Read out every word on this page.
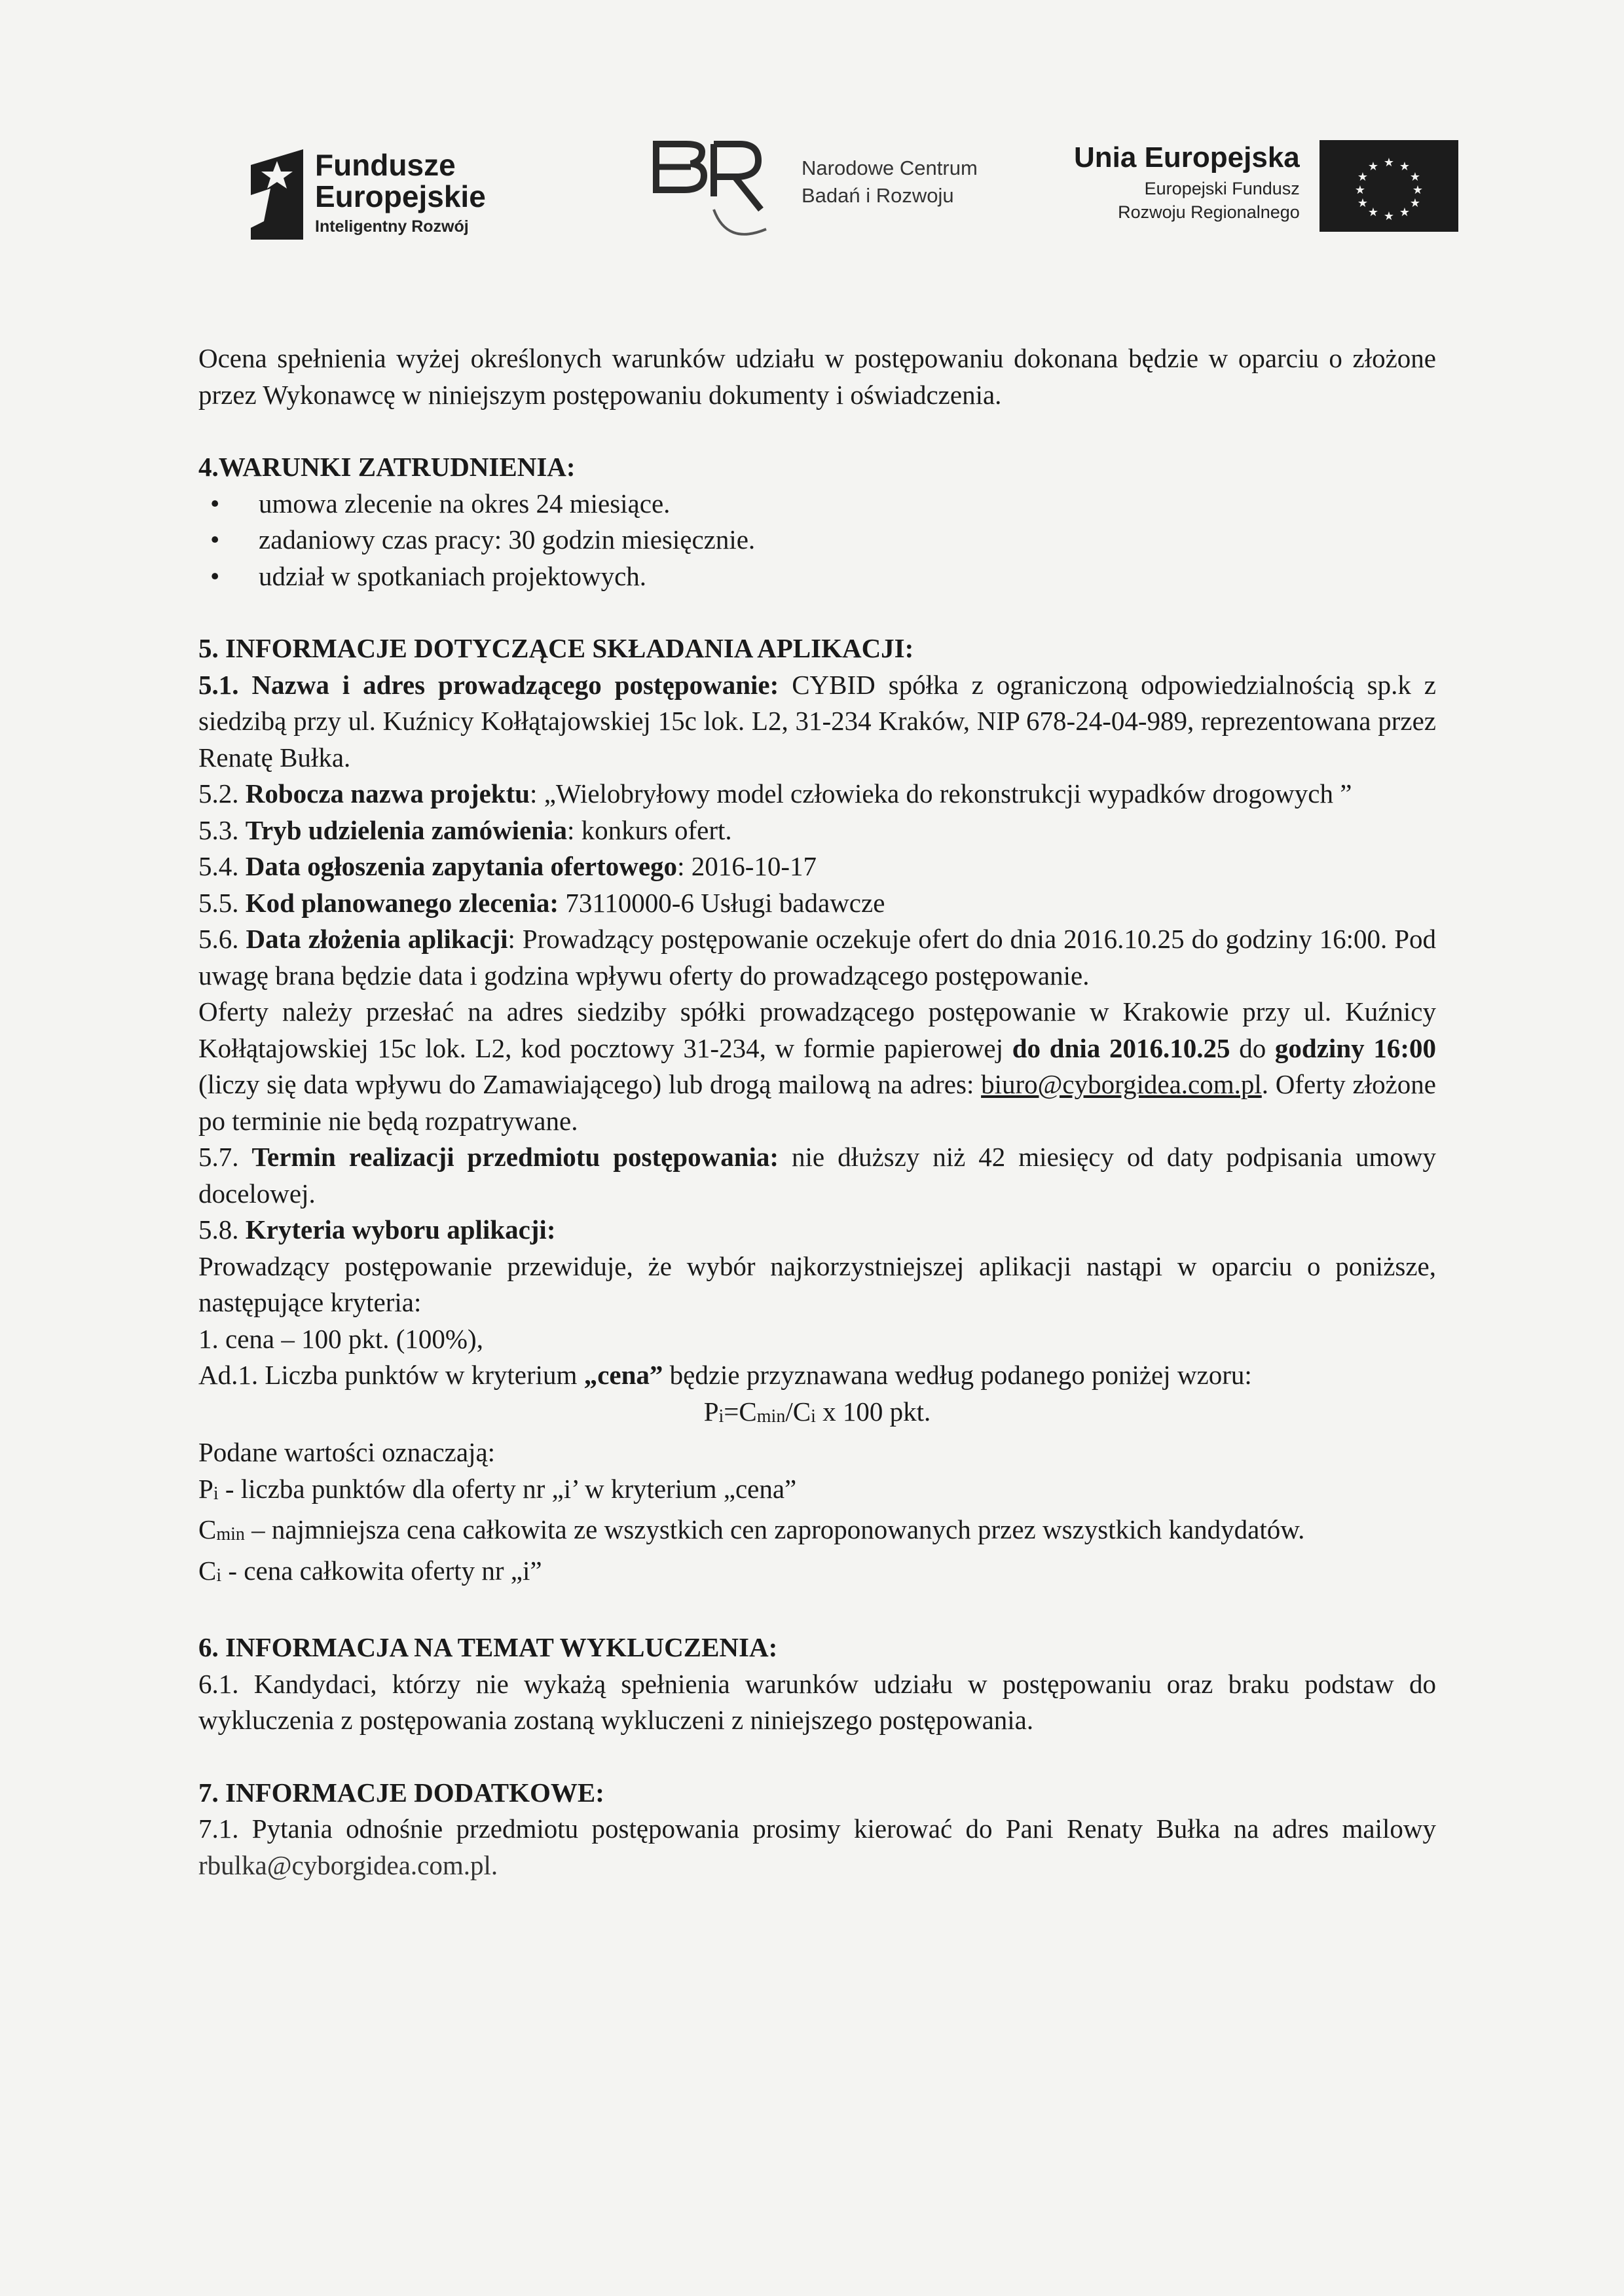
Fundusze
Europejskie
Inteligentny Rozwój
Narodowe Centrum
Badań i Rozwoju
Unia Europejska
Europejski Fundusz
Rozwoju Regionalnego
★ ★
★
★
★
★
★
★
★
★
★
★

Ocena spełnienia wyżej określonych warunków udziału w postępowaniu dokonana będzie w oparciu o złożone przez Wykonawcę w niniejszym postępowaniu dokumenty i oświadczenia.

4.WARUNKI ZATRUDNIENIA:

• umowa zlecenie na okres 24 miesiące.
• zadaniowy czas pracy: 30 godzin miesięcznie.
• udział w spotkaniach projektowych.

5. INFORMACJE DOTYCZĄCE SKŁADANIA APLIKACJI:

5.1. Nazwa i adres prowadzącego postępowanie: CYBID spółka z ograniczoną odpowiedzialnością sp.k z siedzibą przy ul. Kuźnicy Kołłątajowskiej 15c lok. L2, 31-234 Kraków, NIP 678-24-04-989, reprezentowana przez Renatę Bułka.

5.2. Robocza nazwa projektu: „Wielobryłowy model człowieka do rekonstrukcji wypadków drogowych ”

5.3. Tryb udzielenia zamówienia: konkurs ofert.

5.4. Data ogłoszenia zapytania ofertowego: 2016-10-17

5.5. Kod planowanego zlecenia: 73110000-6 Usługi badawcze

5.6. Data złożenia aplikacji: Prowadzący postępowanie oczekuje ofert do dnia 2016.10.25 do godziny 16:00. Pod uwagę brana będzie data i godzina wpływu oferty do prowadzącego postępowanie.

Oferty należy przesłać na adres siedziby spółki prowadzącego postępowanie w Krakowie przy ul. Kuźnicy Kołłątajowskiej 15c lok. L2, kod pocztowy 31-234, w formie papierowej do dnia 2016.10.25 do godziny 16:00 (liczy się data wpływu do Zamawiającego) lub drogą mailową na adres: biuro@cyborgidea.com.pl. Oferty złożone po terminie nie będą rozpatrywane.

5.7. Termin realizacji przedmiotu postępowania: nie dłuższy niż 42 miesięcy od daty podpisania umowy docelowej.

5.8. Kryteria wyboru aplikacji:

Prowadzący postępowanie przewiduje, że wybór najkorzystniejszej aplikacji nastąpi w oparciu o poniższe, następujące kryteria:

1. cena – 100 pkt. (100%),

Ad.1. Liczba punktów w kryterium „cena” będzie przyznawana według podanego poniżej wzoru:

Pi=Cmin/Ci x 100 pkt.

Podane wartości oznaczają:

Pi - liczba punktów dla oferty nr „i’ w kryterium „cena”

Cmin – najmniejsza cena całkowita ze wszystkich cen zaproponowanych przez wszystkich kandydatów.

Ci - cena całkowita oferty nr „i”

6. INFORMACJA NA TEMAT WYKLUCZENIA:

6.1. Kandydaci, którzy nie wykażą spełnienia warunków udziału w postępowaniu oraz braku podstaw do wykluczenia z postępowania zostaną wykluczeni z niniejszego postępowania.

7. INFORMACJE DODATKOWE:

7.1. Pytania odnośnie przedmiotu postępowania prosimy kierować do Pani Renaty Bułka na adres mailowy rbulka@cyborgidea.com.pl.
